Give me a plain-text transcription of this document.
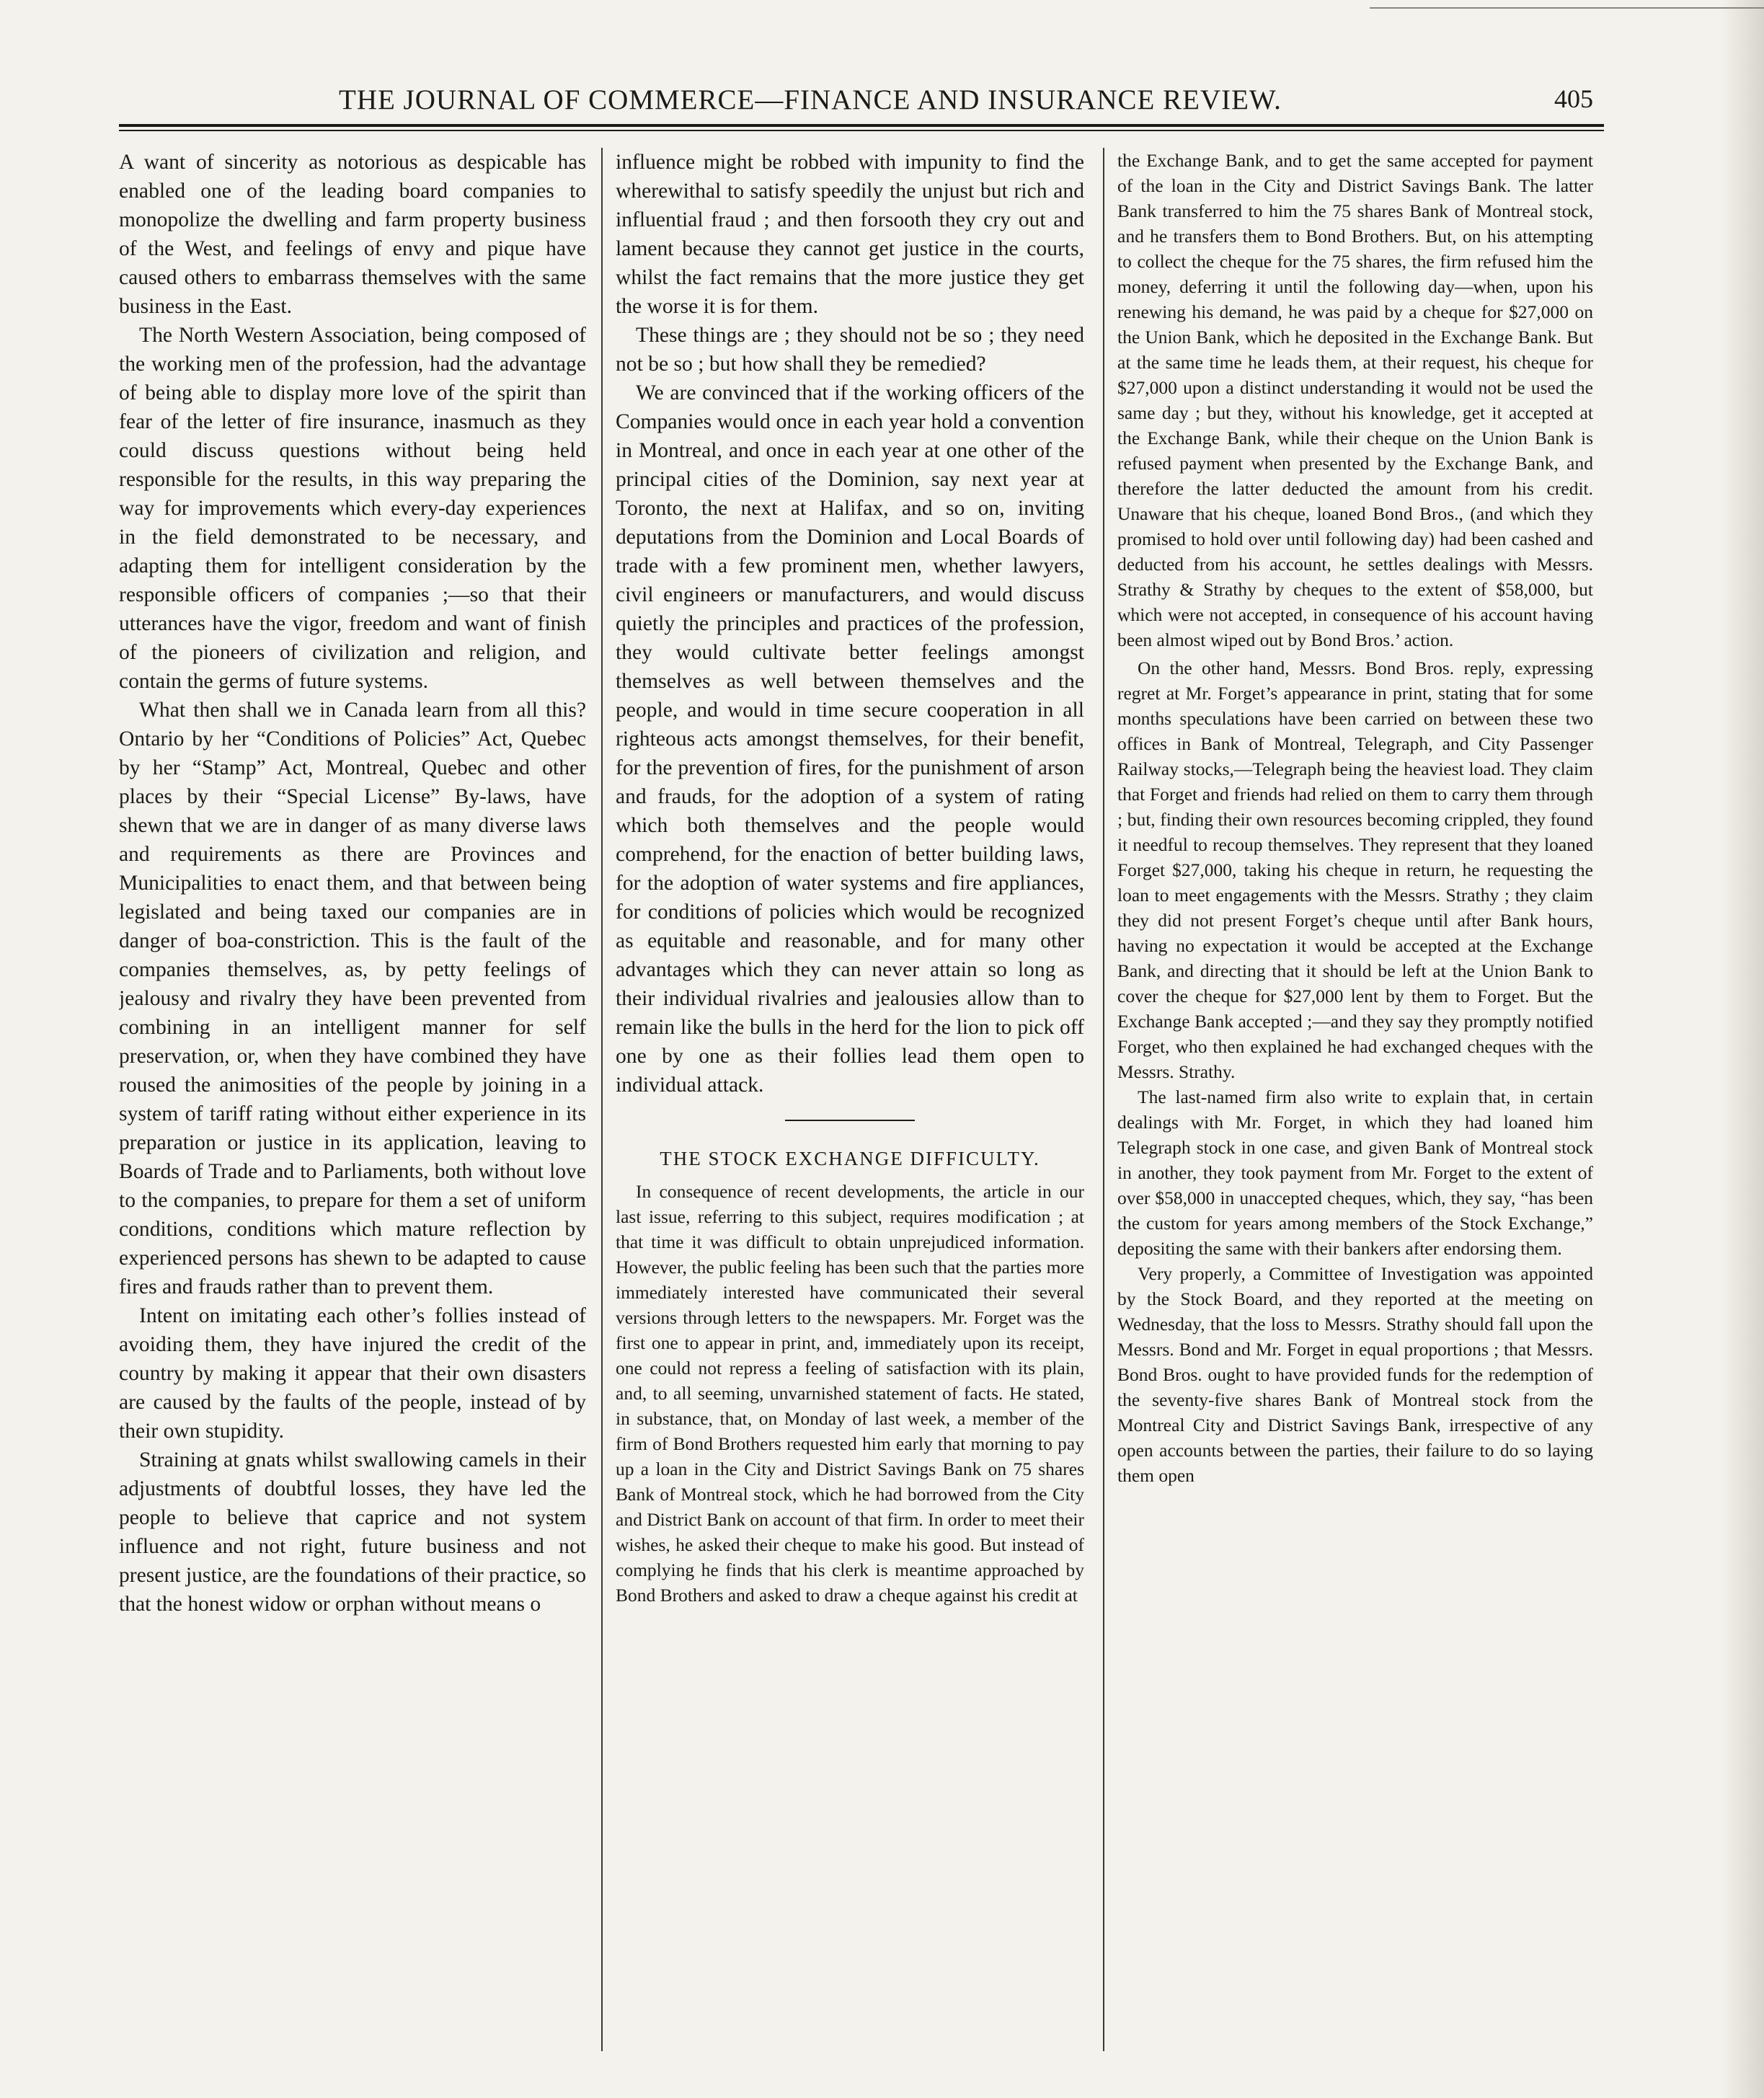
THE JOURNAL OF COMMERCE—FINANCE AND INSURANCE REVIEW.	405

A want of sincerity as notorious as despicable has enabled one of the leading board companies to monopolize the dwelling and farm property business of the West, and feelings of envy and pique have caused others to embarrass themselves with the same business in the East.

The North Western Association, being composed of the working men of the profession, had the advantage of being able to display more love of the spirit than fear of the letter of fire insurance, inasmuch as they could discuss questions without being held responsible for the results, in this way preparing the way for improvements which every-day experiences in the field demonstrated to be necessary, and adapting them for intelligent consideration by the responsible officers of companies ;—so that their utterances have the vigor, freedom and want of finish of the pioneers of civilization and religion, and contain the germs of future systems.

What then shall we in Canada learn from all this? Ontario by her “Conditions of Policies” Act, Quebec by her “Stamp” Act, Montreal, Quebec and other places by their “Special License” By-laws, have shewn that we are in danger of as many diverse laws and requirements as there are Provinces and Municipalities to enact them, and that between being legislated and being taxed our companies are in danger of boa-constriction. This is the fault of the companies themselves, as, by petty feelings of jealousy and rivalry they have been prevented from combining in an intelligent manner for self preservation, or, when they have combined they have roused the animosities of the people by joining in a system of tariff rating without either experience in its preparation or justice in its application, leaving to Boards of Trade and to Parliaments, both without love to the companies, to prepare for them a set of uniform conditions, conditions which mature reflection by experienced persons has shewn to be adapted to cause fires and frauds rather than to prevent them.

Intent on imitating each other’s follies instead of avoiding them, they have injured the credit of the country by making it appear that their own disasters are caused by the faults of the people, instead of by their own stupidity.

Straining at gnats whilst swallowing camels in their adjustments of doubtful losses, they have led the people to believe that caprice and not system influence and not right, future business and not present justice, are the foundations of their practice, so that the honest widow or orphan without means o

influence might be robbed with impunity to find the wherewithal to satisfy speedily the unjust but rich and influential fraud ; and then forsooth they cry out and lament because they cannot get justice in the courts, whilst the fact remains that the more justice they get the worse it is for them.

These things are ; they should not be so ; they need not be so ; but how shall they be remedied?

We are convinced that if the working officers of the Companies would once in each year hold a convention in Montreal, and once in each year at one other of the principal cities of the Dominion, say next year at Toronto, the next at Halifax, and so on, inviting deputations from the Dominion and Local Boards of trade with a few prominent men, whether lawyers, civil engineers or manufacturers, and would discuss quietly the principles and practices of the profession, they would cultivate better feelings amongst themselves as well between themselves and the people, and would in time secure cooperation in all righteous acts amongst themselves, for their benefit, for the prevention of fires, for the punishment of arson and frauds, for the adoption of a system of rating which both themselves and the people would comprehend, for the enaction of better building laws, for the adoption of water systems and fire appliances, for conditions of policies which would be recognized as equitable and reasonable, and for many other advantages which they can never attain so long as their individual rivalries and jealousies allow than to remain like the bulls in the herd for the lion to pick off one by one as their follies lead them open to individual attack.

THE STOCK EXCHANGE DIFFICULTY.

In consequence of recent developments, the article in our last issue, referring to this subject, requires modification ; at that time it was difficult to obtain unprejudiced information. However, the public feeling has been such that the parties more immediately interested have communicated their several versions through letters to the newspapers. Mr. Forget was the first one to appear in print, and, immediately upon its receipt, one could not repress a feeling of satisfaction with its plain, and, to all seeming, unvarnished statement of facts. He stated, in substance, that, on Monday of last week, a member of the firm of Bond Brothers requested him early that morning to pay up a loan in the City and District Savings Bank on 75 shares Bank of Montreal stock, which he had borrowed from the City and District Bank on account of that firm. In order to meet their wishes, he asked their cheque to make his good. But instead of complying he finds that his clerk is meantime approached by Bond Brothers and asked to draw a cheque against his credit at

the Exchange Bank, and to get the same accepted for payment of the loan in the City and District Savings Bank. The latter Bank transferred to him the 75 shares Bank of Montreal stock, and he transfers them to Bond Brothers. But, on his attempting to collect the cheque for the 75 shares, the firm refused him the money, deferring it until the following day—when, upon his renewing his demand, he was paid by a cheque for $27,000 on the Union Bank, which he deposited in the Exchange Bank. But at the same time he leads them, at their request, his cheque for $27,000 upon a distinct understanding it would not be used the same day ; but they, without his knowledge, get it accepted at the Exchange Bank, while their cheque on the Union Bank is refused payment when presented by the Exchange Bank, and therefore the latter deducted the amount from his credit. Unaware that his cheque, loaned Bond Bros., (and which they promised to hold over until following day) had been cashed and deducted from his account, he settles dealings with Messrs. Strathy & Strathy by cheques to the extent of $58,000, but which were not accepted, in consequence of his account having been almost wiped out by Bond Bros.’ action.

On the other hand, Messrs. Bond Bros. reply, expressing regret at Mr. Forget’s appearance in print, stating that for some months speculations have been carried on between these two offices in Bank of Montreal, Telegraph, and City Passenger Railway stocks,—Telegraph being the heaviest load. They claim that Forget and friends had relied on them to carry them through ; but, finding their own resources becoming crippled, they found it needful to recoup themselves. They represent that they loaned Forget $27,000, taking his cheque in return, he requesting the loan to meet engagements with the Messrs. Strathy ; they claim they did not present Forget’s cheque until after Bank hours, having no expectation it would be accepted at the Exchange Bank, and directing that it should be left at the Union Bank to cover the cheque for $27,000 lent by them to Forget. But the Exchange Bank accepted ;—and they say they promptly notified Forget, who then explained he had exchanged cheques with the Messrs. Strathy.

The last-named firm also write to explain that, in certain dealings with Mr. Forget, in which they had loaned him Telegraph stock in one case, and given Bank of Montreal stock in another, they took payment from Mr. Forget to the extent of over $58,000 in unaccepted cheques, which, they say, “has been the custom for years among members of the Stock Exchange,” depositing the same with their bankers after endorsing them.

Very properly, a Committee of Investigation was appointed by the Stock Board, and they reported at the meeting on Wednesday, that the loss to Messrs. Strathy should fall upon the Messrs. Bond and Mr. Forget in equal proportions ; that Messrs. Bond Bros. ought to have provided funds for the redemption of the seventy-five shares Bank of Montreal stock from the Montreal City and District Savings Bank, irrespective of any open accounts between the parties, their failure to do so laying them open
